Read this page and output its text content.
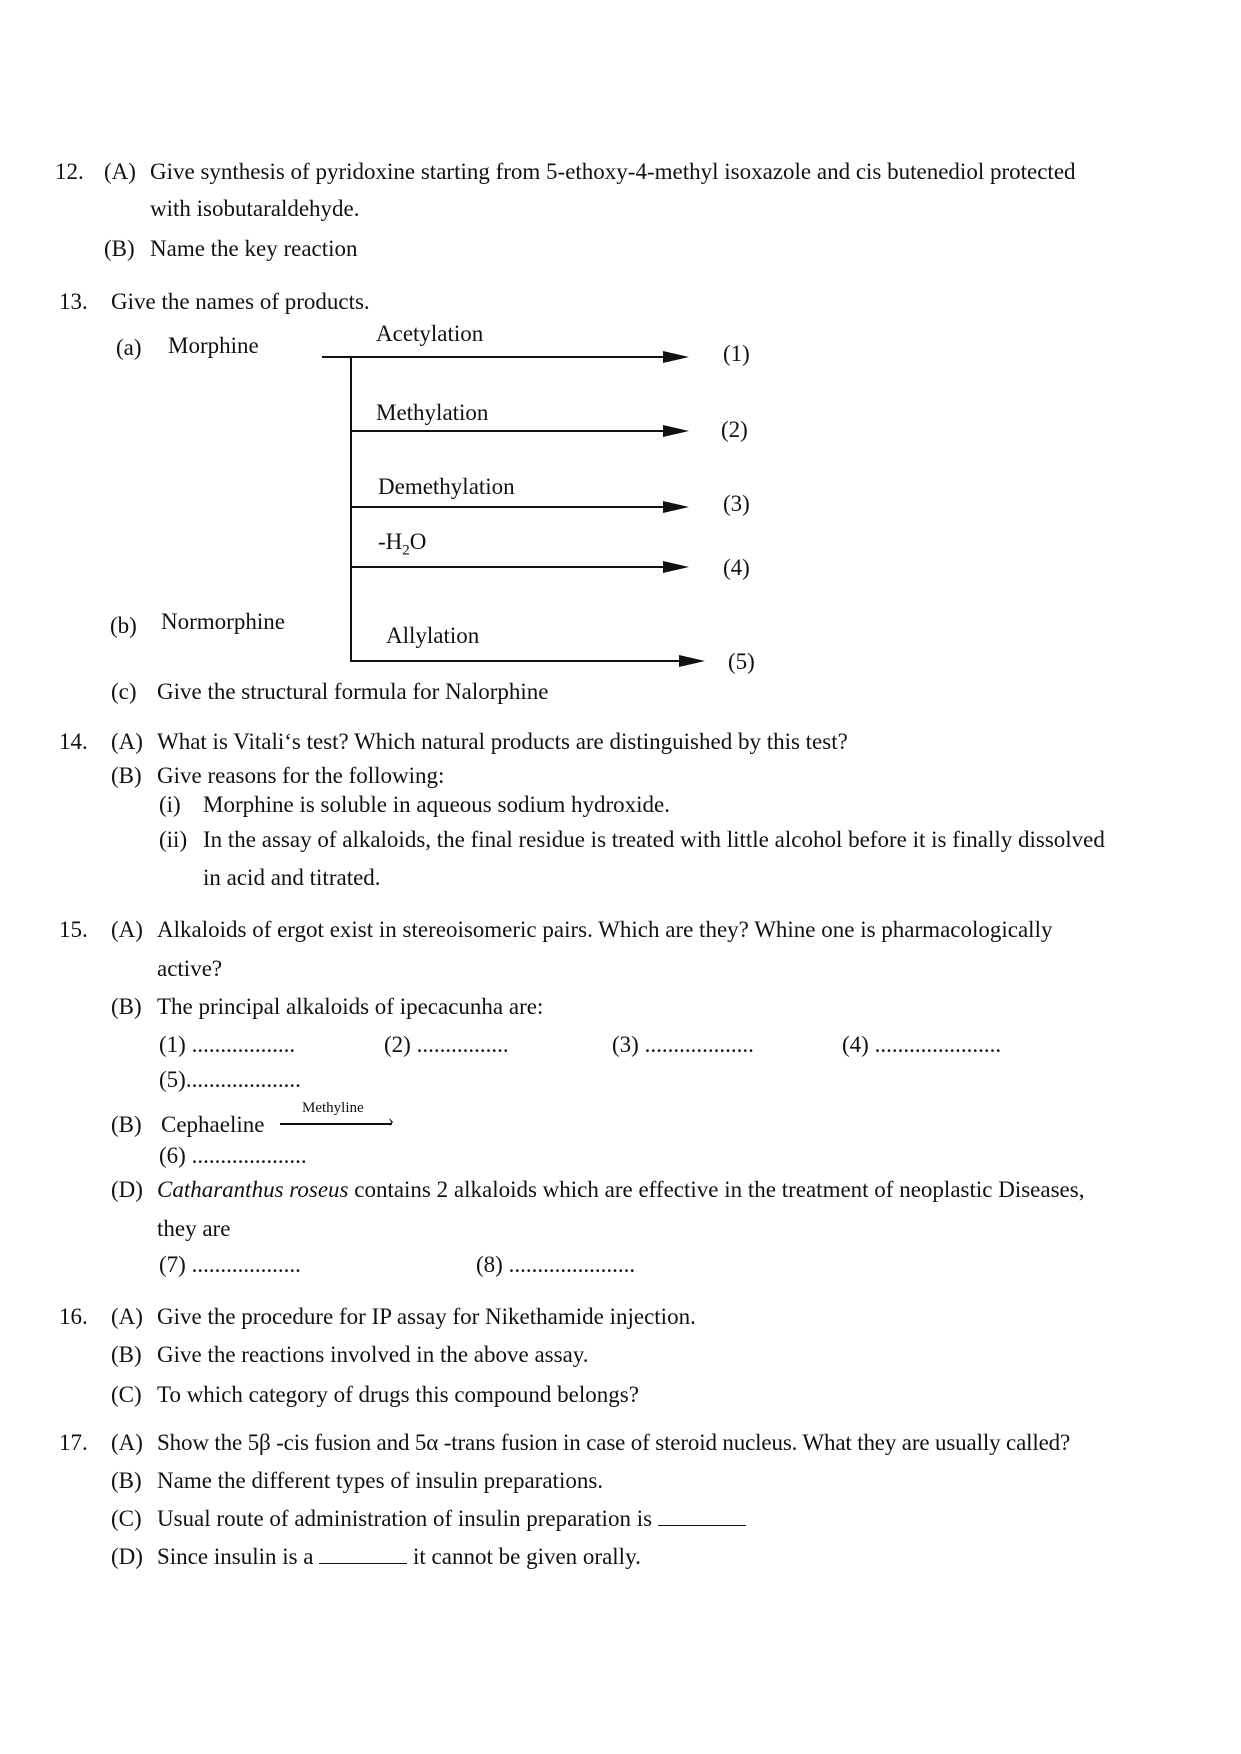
12. (A) Give synthesis of pyridoxine starting from 5-ethoxy-4-methyl isoxazole and cis butenediol protected
with isobutaraldehyde.
(B) Name the key reaction
13. Give the names of products.
(a) Morphine
(b) Normorphine
Acetylation
(1)
Methylation
(2)
Demethylation
(3)
$-H_2O$
(4)
Allylation
(5)
(c) Give the structural formula for Nalorphine
14. (A) What is Vitali‘s test? Which natural products are distinguished by this test?
(B) Give reasons for the following:
(i) Morphine is soluble in aqueous sodium hydroxide.
(ii) In the assay of alkaloids, the final residue is treated with little alcohol before it is finally dissolved
in acid and titrated.
15. (A) Alkaloids of ergot exist in stereoisomeric pairs. Which are they? Whine one is pharmacologically
active?
(B) The principal alkaloids of ipecacunha are:
(1) ..................	(2) ................	(3) ...................	(4) ......................
(5)....................
(B) Cephaeline
Methyline
›
(6) ....................
(D) Catharanthus roseus contains 2 alkaloids which are effective in the treatment of neoplastic Diseases,
they are
(7) ...................	(8) ......................
16. (A) Give the procedure for IP assay for Nikethamide injection.
(B) Give the reactions involved in the above assay.
(C) To which category of drugs this compound belongs?
17. (A) Show the 5β -cis fusion and 5α -trans fusion in case of steroid nucleus. What they are usually called?
(B) Name the different types of insulin preparations.
(C) Usual route of administration of insulin preparation is
(D) Since insulin is a	it cannot be given orally.
